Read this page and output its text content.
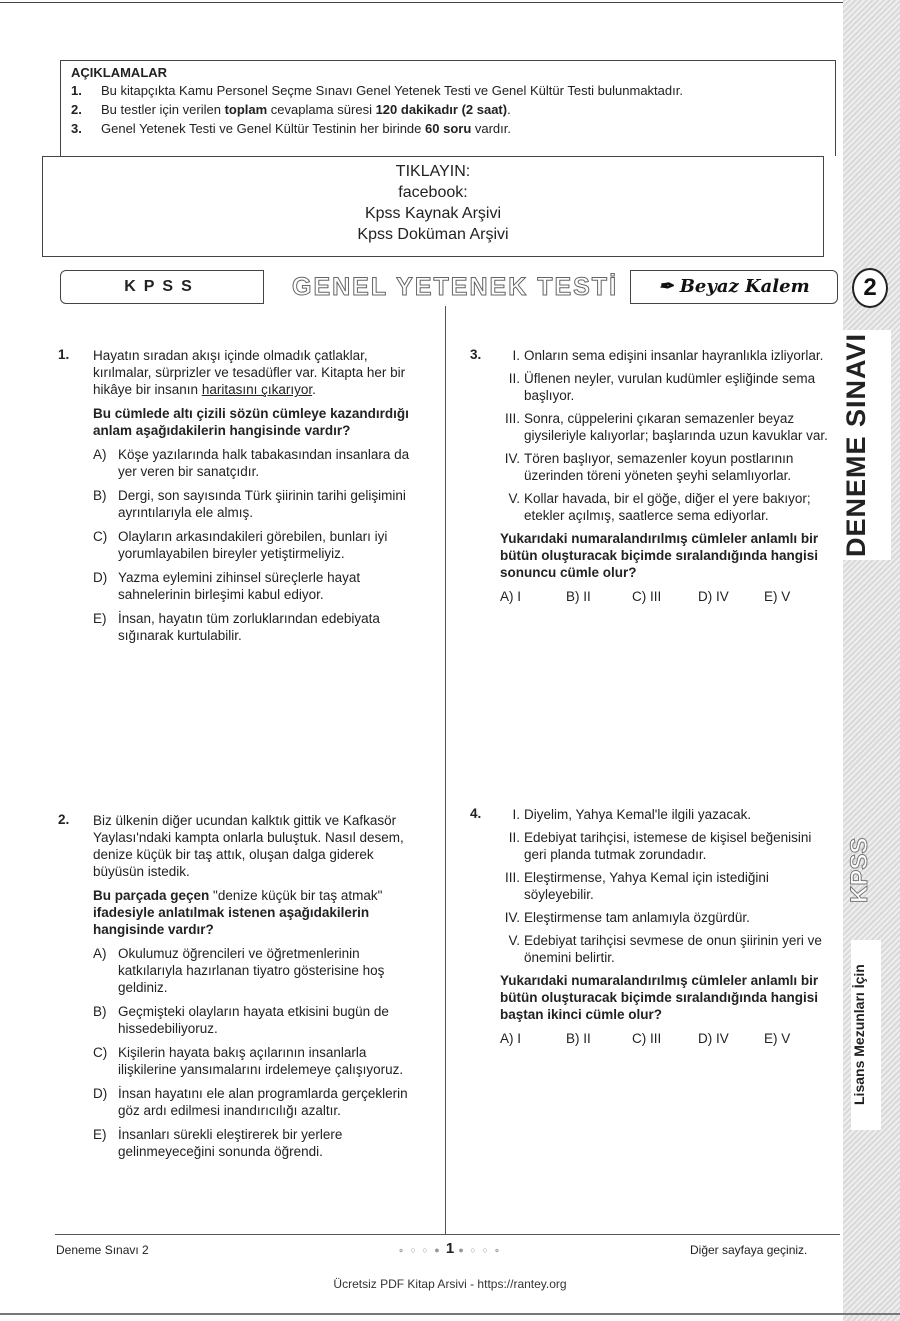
2
DENEME SINAVI
KPSS
Lisans Mezunları İçin
AÇIKLAMALAR
1.	Bu kitapçıkta Kamu Personel Seçme Sınavı Genel Yetenek Testi ve Genel Kültür Testi bulunmaktadır.
2.	Bu testler için verilen toplam cevaplama süresi 120 dakikadır (2 saat).
3.	Genel Yetenek Testi ve Genel Kültür Testinin her birinde 60 soru vardır.
TIKLAYIN:
facebook:
Kpss Kaynak Arşivi
Kpss Doküman Arşivi
KPSS	GENEL YETENEK TESTİ	✒ Beyaz Kalem
1. Hayatın sıradan akışı içinde olmadık çatlaklar, kırılmalar, sürprizler ve tesadüfler var. Kitapta her bir hikâye bir insanın haritasını çıkarıyor.
Bu cümlede altı çizili sözün cümleye kazandırdığı anlam aşağıdakilerin hangisinde vardır?
A) Köşe yazılarında halk tabakasından insanlara da yer veren bir sanatçıdır.
B) Dergi, son sayısında Türk şiirinin tarihi gelişimini ayrıntılarıyla ele almış.
C) Olayların arkasındakileri görebilen, bunları iyi yorumlayabilen bireyler yetiştirmeliyiz.
D) Yazma eylemini zihinsel süreçlerle hayat sahnelerinin birleşimi kabul ediyor.
E) İnsan, hayatın tüm zorluklarından edebiyata sığınarak kurtulabilir.
2. Biz ülkenin diğer ucundan kalktık gittik ve Kafkasör Yaylası'ndaki kampta onlarla buluştuk. Nasıl desem, denize küçük bir taş attık, oluşan dalga giderek büyüsün istedik.
Bu parçada geçen "denize küçük bir taş atmak" ifadesiyle anlatılmak istenen aşağıdakilerin hangisinde vardır?
A) Okulumuz öğrencileri ve öğretmenlerinin katkılarıyla hazırlanan tiyatro gösterisine hoş geldiniz.
B) Geçmişteki olayların hayata etkisini bugün de hissedebiliyoruz.
C) Kişilerin hayata bakış açılarının insanlarla ilişkilerine yansımalarını irdelemeye çalışıyoruz.
D) İnsan hayatını ele alan programlarda gerçeklerin göz ardı edilmesi inandırıcılığı azaltır.
E) İnsanları sürekli eleştirerek bir yerlere gelinmeyeceğini sonunda öğrendi.
3.	I. Onların sema edişini insanlar hayranlıkla izliyorlar.
II. Üflenen neyler, vurulan kudümler eşliğinde sema başlıyor.
III. Sonra, cüppelerini çıkaran semazenler beyaz giysileriyle kalıyorlar; başlarında uzun kavuklar var.
IV. Tören başlıyor, semazenler koyun postlarının üzerinden töreni yöneten şeyhi selamlıyorlar.
V. Kollar havada, bir el göğe, diğer el yere bakıyor; etekler açılmış, saatlerce sema ediyorlar.
Yukarıdaki numaralandırılmış cümleler anlamlı bir bütün oluşturacak biçimde sıralandığında hangisi sonuncu cümle olur?
A) I	B) II	C) III	D) IV	E) V
4.	I. Diyelim, Yahya Kemal'le ilgili yazacak.
II. Edebiyat tarihçisi, istemese de kişisel beğenisini geri planda tutmak zorundadır.
III. Eleştirmense, Yahya Kemal için istediğini söyleyebilir.
IV. Eleştirmense tam anlamıyla özgürdür.
V. Edebiyat tarihçisi sevmese de onun şiirinin yeri ve önemini belirtir.
Yukarıdaki numaralandırılmış cümleler anlamlı bir bütün oluşturacak biçimde sıralandığında hangisi baştan ikinci cümle olur?
A) I	B) II	C) III	D) IV	E) V
Deneme Sınavı 2	∘ ○ ○ ● 1 ● ○ ○ ∘	Diğer sayfaya geçiniz.
Ücretsiz PDF Kitap Arsivi - https://rantey.org
